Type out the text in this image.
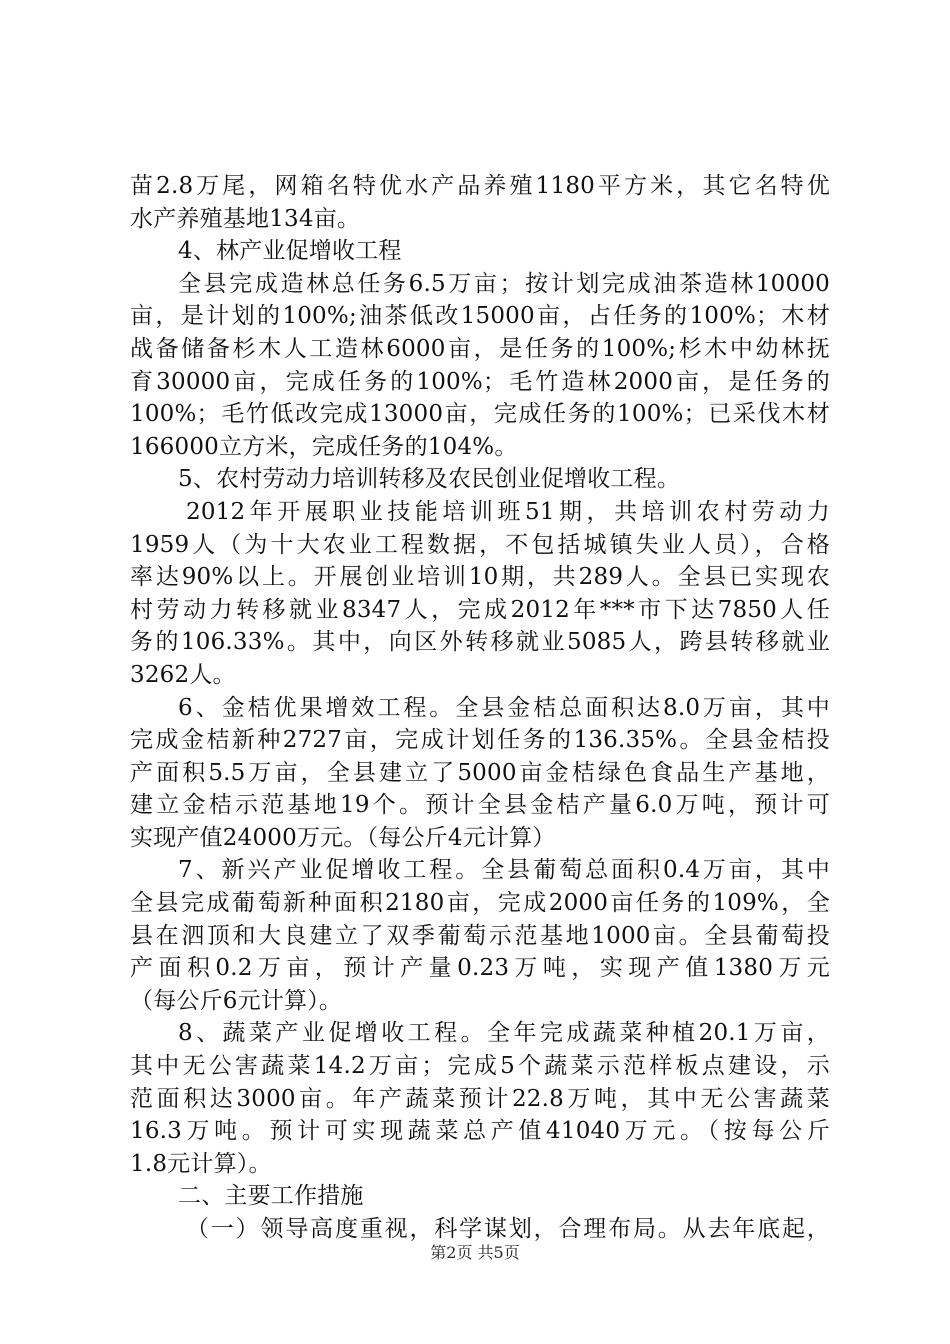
苗2.8万尾，网箱名特优水产品养殖1180平方米，其它名特优
水产养殖基地134亩。
4、林产业促增收工程
全县完成造林总任务6.5万亩；按计划完成油茶造林10000
亩，是计划的100%;油茶低改15000亩，占任务的100%；木材
战备储备杉木人工造林6000亩，是任务的100%;杉木中幼林抚
育30000亩，完成任务的100%；毛竹造林2000亩，是任务的
100%；毛竹低改完成13000亩，完成任务的100%；已采伐木材
166000立方米，完成任务的104%。
5、农村劳动力培训转移及农民创业促增收工程。
2012年开展职业技能培训班51期，共培训农村劳动力
1959人（为十大农业工程数据，不包括城镇失业人员），合格
率达90%以上。开展创业培训10期，共289人。全县已实现农
村劳动力转移就业8347人，完成2012年***市下达7850人任
务的106.33%。其中，向区外转移就业5085人，跨县转移就业
3262人。
6、金桔优果增效工程。全县金桔总面积达8.0万亩，其中
完成金桔新种2727亩，完成计划任务的136.35%。全县金桔投
产面积5.5万亩，全县建立了5000亩金桔绿色食品生产基地，
建立金桔示范基地19个。预计全县金桔产量6.0万吨，预计可
实现产值24000万元。（每公斤4元计算）
7、新兴产业促增收工程。全县葡萄总面积0.4万亩，其中
全县完成葡萄新种面积2180亩，完成2000亩任务的109%，全
县在泗顶和大良建立了双季葡萄示范基地1000亩。全县葡萄投
产面积0.2万亩，预计产量0.23万吨，实现产值1380万元
（每公斤6元计算）。
8、蔬菜产业促增收工程。全年完成蔬菜种植20.1万亩，
其中无公害蔬菜14.2万亩；完成5个蔬菜示范样板点建设，示
范面积达3000亩。年产蔬菜预计22.8万吨，其中无公害蔬菜
16.3万吨。预计可实现蔬菜总产值41040万元。（按每公斤
1.8元计算）。
二、主要工作措施
（一）领导高度重视，科学谋划，合理布局。从去年底起，
第2页 共5页
